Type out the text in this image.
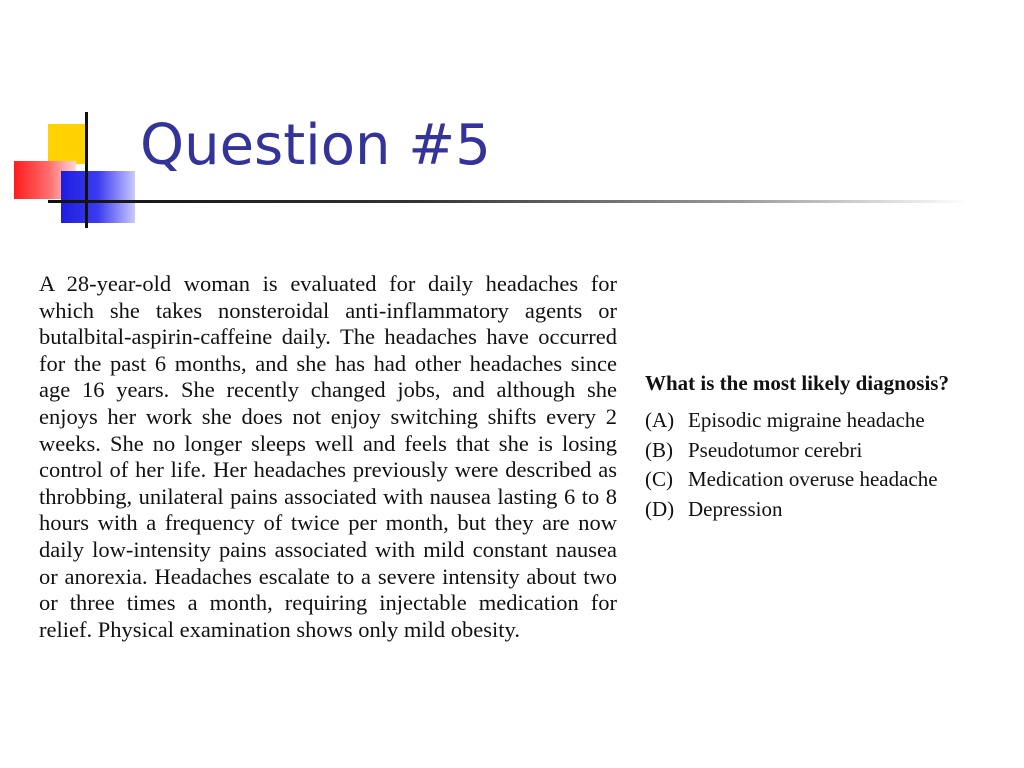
Question #5

A 28-year-old woman is evaluated for daily headaches for which she takes nonsteroidal anti-inflammatory agents or butalbital-aspirin-caffeine daily. The headaches have occurred for the past 6 months, and she has had other headaches since age 16 years. She recently changed jobs, and although she enjoys her work she does not enjoy switching shifts every 2 weeks. She no longer sleeps well and feels that she is losing control of her life. Her headaches previously were described as throbbing, unilateral pains associated with nausea lasting 6 to 8 hours with a frequency of twice per month, but they are now daily low-intensity pains associated with mild constant nausea or anorexia. Headaches escalate to a severe intensity about two or three times a month, requiring injectable medication for relief. Physical examination shows only mild obesity.

What is the most likely diagnosis?

(A) Episodic migraine headache
(B) Pseudotumor cerebri
(C) Medication overuse headache
(D) Depression
